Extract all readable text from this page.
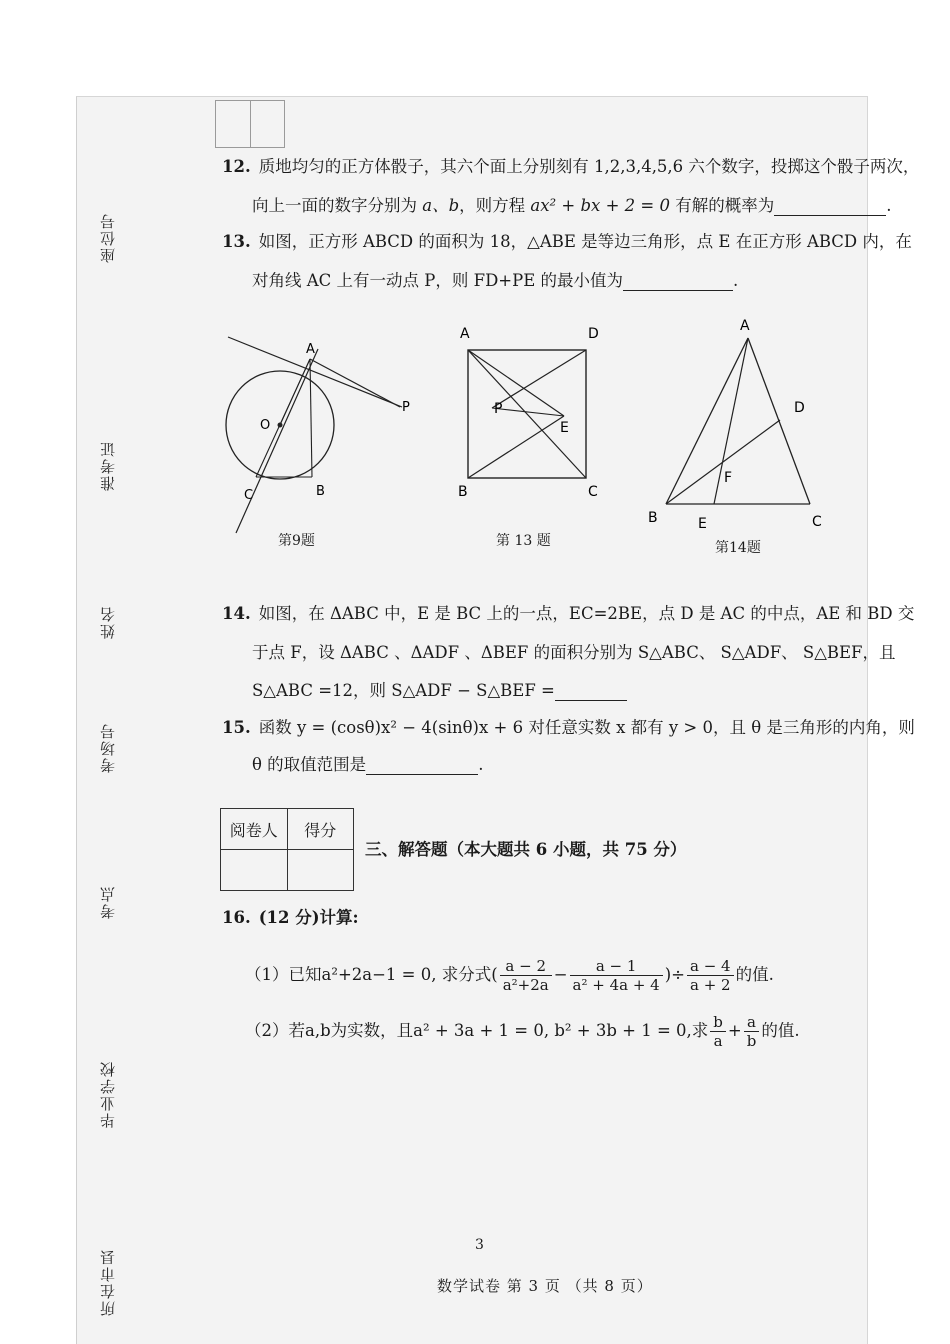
座位号
准考证
姓名
考场号
考点
毕业学校
所在市县
12. 质地均匀的正方体骰子，其六个面上分别刻有 1,2,3,4,5,6 六个数字，投掷这个骰子两次，
向上一面的数字分别为 a、b，则方程 ax² + bx + 2 = 0 有解的概率为	.
13. 如图，正方形 ABCD 的面积为 18，△ABE 是等边三角形，点 E 在正方形 ABCD 内，在
对角线 AC 上有一动点 P，则 FD+PE 的最小值为	.
A
O
P
C	B
第9题
A	D
P
E
B	C
第 13 题
A
D
F
B	E	C
第14题
14. 如图，在 ΔABC 中，E 是 BC 上的一点，EC=2BE，点 D 是 AC 的中点，AE 和 BD 交
于点 F，设 ΔABC 、ΔADF 、ΔBEF 的面积分别为 S△ABC、 S△ADF、 S△BEF，且
S△ABC =12，则 S△ADF − S△BEF =
15. 函数 y = (cosθ)x² − 4(sinθ)x + 6 对任意实数 x 都有 y > 0，且 θ 是三角形的内角，则
θ 的取值范围是	.
阅卷人	得分

三、解答题（本大题共 6 小题，共 75 分）
16. (12 分)计算:
（1）已知a²+2a−1 = 0, 求分式( $\frac{a - 2}{\text{a²+2a}} - \frac{a - 1}{\text{a² + 4a + 4}}$ )÷ $\frac{a - 4}{a + 2}$ 的值.
（2）若a,b为实数，且a² + 3a + 1 = 0, b² + 3b + 1 = 0,求 $\frac{b}{a} + \frac{a}{b}$ 的值.
3
数学试卷 第 3 页 （共 8 页）
